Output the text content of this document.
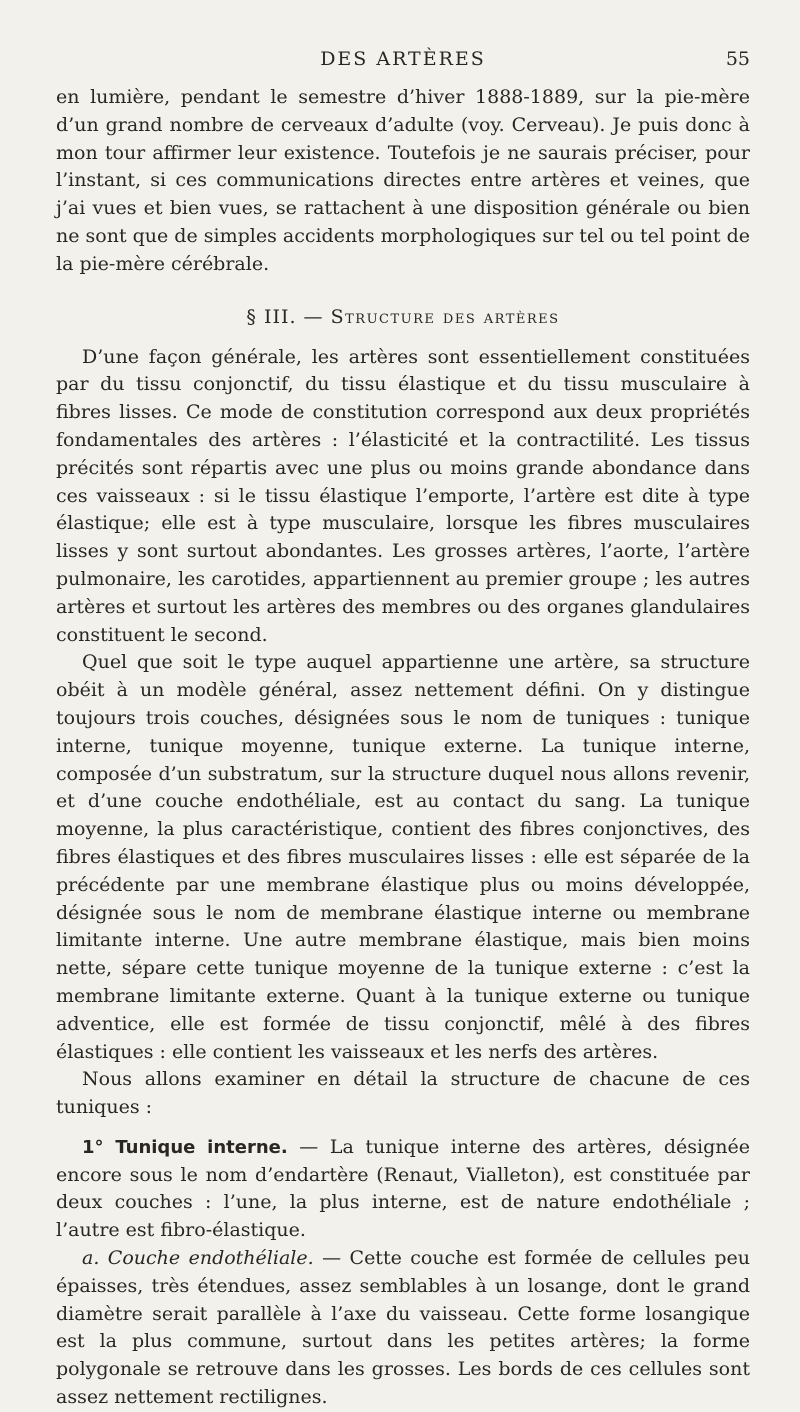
DES ARTÈRES	55

en lumière, pendant le semestre d’hiver 1888-1889, sur la pie-mère d’un grand nombre de cerveaux d’adulte (voy. Cerveau). Je puis donc à mon tour affirmer leur existence. Toutefois je ne saurais préciser, pour l’instant, si ces communications directes entre artères et veines, que j’ai vues et bien vues, se rattachent à une disposition générale ou bien ne sont que de simples accidents morphologiques sur tel ou tel point de la pie-mère cérébrale.

§ III. — Structure des artères

D’une façon générale, les artères sont essentiellement constituées par du tissu conjonctif, du tissu élastique et du tissu musculaire à fibres lisses. Ce mode de constitution correspond aux deux propriétés fondamentales des artères : l’élasticité et la contractilité. Les tissus précités sont répartis avec une plus ou moins grande abondance dans ces vaisseaux : si le tissu élastique l’emporte, l’artère est dite à type élastique; elle est à type musculaire, lorsque les fibres musculaires lisses y sont surtout abondantes. Les grosses artères, l’aorte, l’artère pulmonaire, les carotides, appartiennent au premier groupe ; les autres artères et surtout les artères des membres ou des organes glandulaires constituent le second.

Quel que soit le type auquel appartienne une artère, sa structure obéit à un modèle général, assez nettement défini. On y distingue toujours trois couches, désignées sous le nom de tuniques : tunique interne, tunique moyenne, tunique externe. La tunique interne, composée d’un substratum, sur la structure duquel nous allons revenir, et d’une couche endothéliale, est au contact du sang. La tunique moyenne, la plus caractéristique, contient des fibres conjonctives, des fibres élastiques et des fibres musculaires lisses : elle est séparée de la précédente par une membrane élastique plus ou moins développée, désignée sous le nom de membrane élastique interne ou membrane limitante interne. Une autre membrane élastique, mais bien moins nette, sépare cette tunique moyenne de la tunique externe : c’est la membrane limitante externe. Quant à la tunique externe ou tunique adventice, elle est formée de tissu conjonctif, mêlé à des fibres élastiques : elle contient les vaisseaux et les nerfs des artères.

Nous allons examiner en détail la structure de chacune de ces tuniques :

1° Tunique interne. — La tunique interne des artères, désignée encore sous le nom d’endartère (Renaut, Vialleton), est constituée par deux couches : l’une, la plus interne, est de nature endothéliale ; l’autre est fibro-élastique.

a. Couche endothéliale. — Cette couche est formée de cellules peu épaisses, très étendues, assez semblables à un losange, dont le grand diamètre serait parallèle à l’axe du vaisseau. Cette forme losangique est la plus commune, surtout dans les petites artères; la forme polygonale se retrouve dans les grosses. Les bords de ces cellules sont assez nettement rectilignes.
